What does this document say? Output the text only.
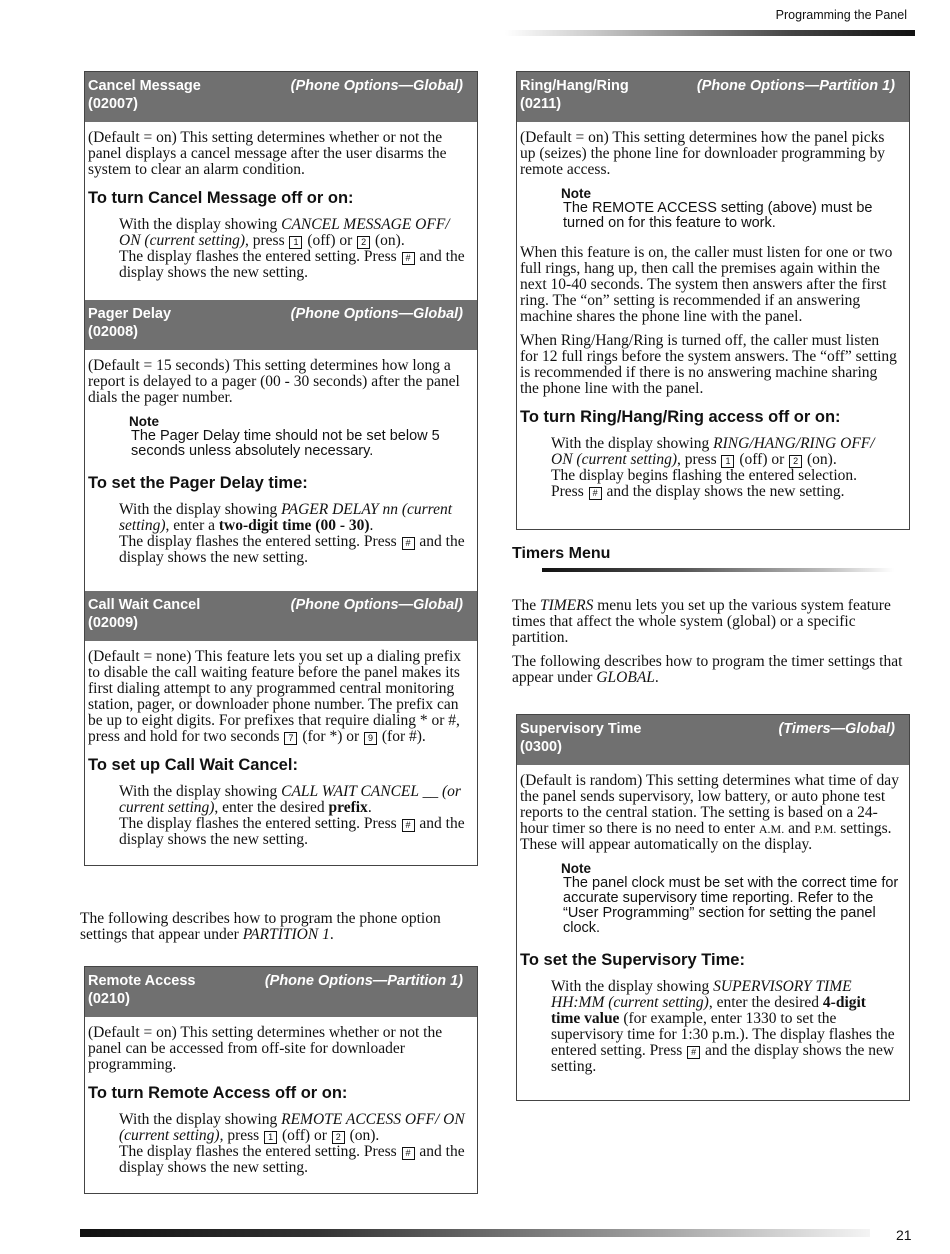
Programming the Panel
21
Cancel Message
(02007)
(Phone Options—Global)

(Default = on) This setting determines whether or not the panel displays a cancel message after the user disarms the system to clear an alarm condition.

To turn Cancel Message off or on:
With the display showing CANCEL MESSAGE OFF/ ON (current setting), press 1 (off) or 2 (on).
The display flashes the entered setting. Press # and the display shows the new setting.
Pager Delay
(02008)
(Phone Options—Global)

(Default = 15 seconds) This setting determines how long a report is delayed to a pager (00 - 30 seconds) after the panel dials the pager number.

Note
The Pager Delay time should not be set below 5 seconds unless absolutely necessary.
To set the Pager Delay time:
With the display showing PAGER DELAY nn (current setting), enter a two-digit time (00 - 30).
The display flashes the entered setting. Press # and the display shows the new setting.
Call Wait Cancel
(02009)
(Phone Options—Global)

(Default = none) This feature lets you set up a dialing prefix to disable the call waiting feature before the panel makes its first dialing attempt to any programmed central monitoring station, pager, or downloader phone number. The prefix can be up to eight digits. For prefixes that require dialing * or #, press and hold for two seconds 7 (for *) or 9 (for #).

To set up Call Wait Cancel:
With the display showing CALL WAIT CANCEL __ (or current setting), enter the desired prefix.
The display flashes the entered setting. Press # and the display shows the new setting.

The following describes how to program the phone option settings that appear under PARTITION 1.

Remote Access
(0210)
(Phone Options—Partition 1)

(Default = on) This setting determines whether or not the panel can be accessed from off-site for downloader programming.

To turn Remote Access off or on:
With the display showing REMOTE ACCESS OFF/ ON (current setting), press 1 (off) or 2 (on).
The display flashes the entered setting. Press # and the display shows the new setting.
Ring/Hang/Ring
(0211)
(Phone Options—Partition 1)

(Default = on) This setting determines how the panel picks up (seizes) the phone line for downloader programming by remote access.

Note
The REMOTE ACCESS setting (above) must be turned on for this feature to work.

When this feature is on, the caller must listen for one or two full rings, hang up, then call the premises again within the next 10-40 seconds. The system then answers after the first ring. The “on” setting is recommended if an answering machine shares the phone line with the panel.

When Ring/Hang/Ring is turned off, the caller must listen for 12 full rings before the system answers. The “off” setting is recommended if there is no answering machine sharing the phone line with the panel.

To turn Ring/Hang/Ring access off or on:
With the display showing RING/HANG/RING OFF/ ON (current setting), press 1 (off) or 2 (on).
The display begins flashing the entered selection.
Press # and the display shows the new setting.
Timers Menu

The TIMERS menu lets you set up the various system feature times that affect the whole system (global) or a specific partition.

The following describes how to program the timer settings that appear under GLOBAL.

Supervisory Time
(0300)
(Timers—Global)

(Default is random) This setting determines what time of day the panel sends supervisory, low battery, or auto phone test reports to the central station. The setting is based on a 24-hour timer so there is no need to enter A.M. and P.M. settings. These will appear automatically on the display.

Note
The panel clock must be set with the correct time for accurate supervisory time reporting. Refer to the “User Programming” section for setting the panel clock.
To set the Supervisory Time:
With the display showing SUPERVISORY TIME HH:MM (current setting), enter the desired 4-digit time value (for example, enter 1330 to set the supervisory time for 1:30 p.m.). The display flashes the entered setting. Press # and the display shows the new setting.
